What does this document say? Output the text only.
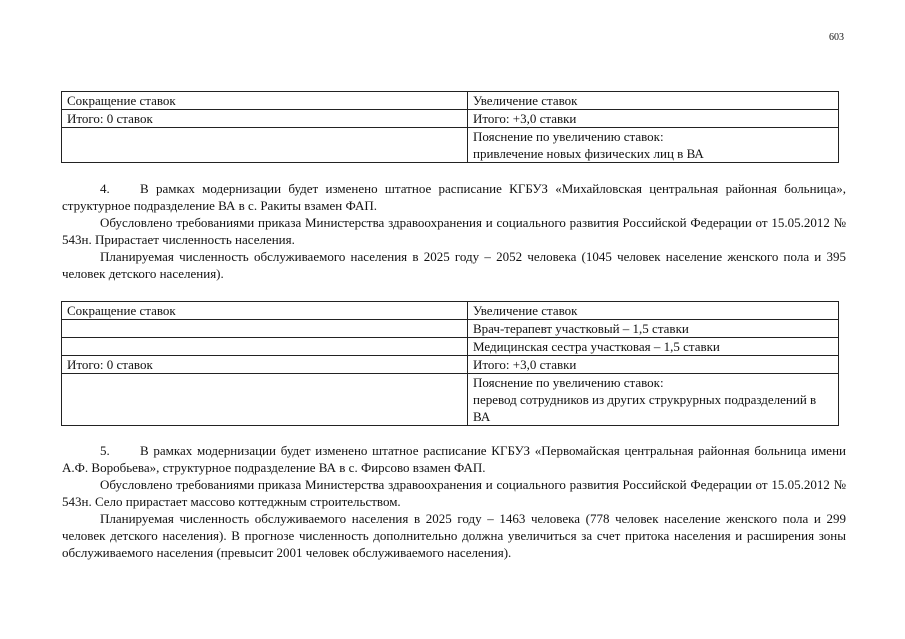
603
Сокращение ставок	Увеличение ставок
Итого: 0 ставок	Итого: +3,0 ставки
	Пояснение по увеличению ставок:
привлечение новых физических лиц в ВА

4. В рамках модернизации будет изменено штатное расписание КГБУЗ «Михайловская центральная районная больница», структурное подразделение ВА в с. Ракиты взамен ФАП.

Обусловлено требованиями приказа Министерства здравоохранения и социального развития Российской Федерации от 15.05.2012 № 543н. Прирастает численность населения.

Планируемая численность обслуживаемого населения в 2025 году – 2052 человека (1045 человек население женского пола и 395 человек детского населения).

Сокращение ставок	Увеличение ставок
	Врач-терапевт участковый – 1,5 ставки
	Медицинская сестра участковая – 1,5 ставки
Итого: 0 ставок	Итого: +3,0 ставки
	Пояснение по увеличению ставок:
перевод сотрудников из других струкрурных подразделений в ВА

5. В рамках модернизации будет изменено штатное расписание КГБУЗ «Первомайская центральная районная больница имени А.Ф. Воробьева», структурное подразделение ВА в с. Фирсово взамен ФАП.

Обусловлено требованиями приказа Министерства здравоохранения и социального развития Российской Федерации от 15.05.2012 № 543н. Село прирастает массово коттеджным строительством.

Планируемая численность обслуживаемого населения в 2025 году – 1463 человека (778 человек население женского пола и 299 человек детского населения). В прогнозе численность дополнительно должна увеличиться за счет притока населения и расширения зоны обслуживаемого населения (превысит 2001 человек обслуживаемого населения).
